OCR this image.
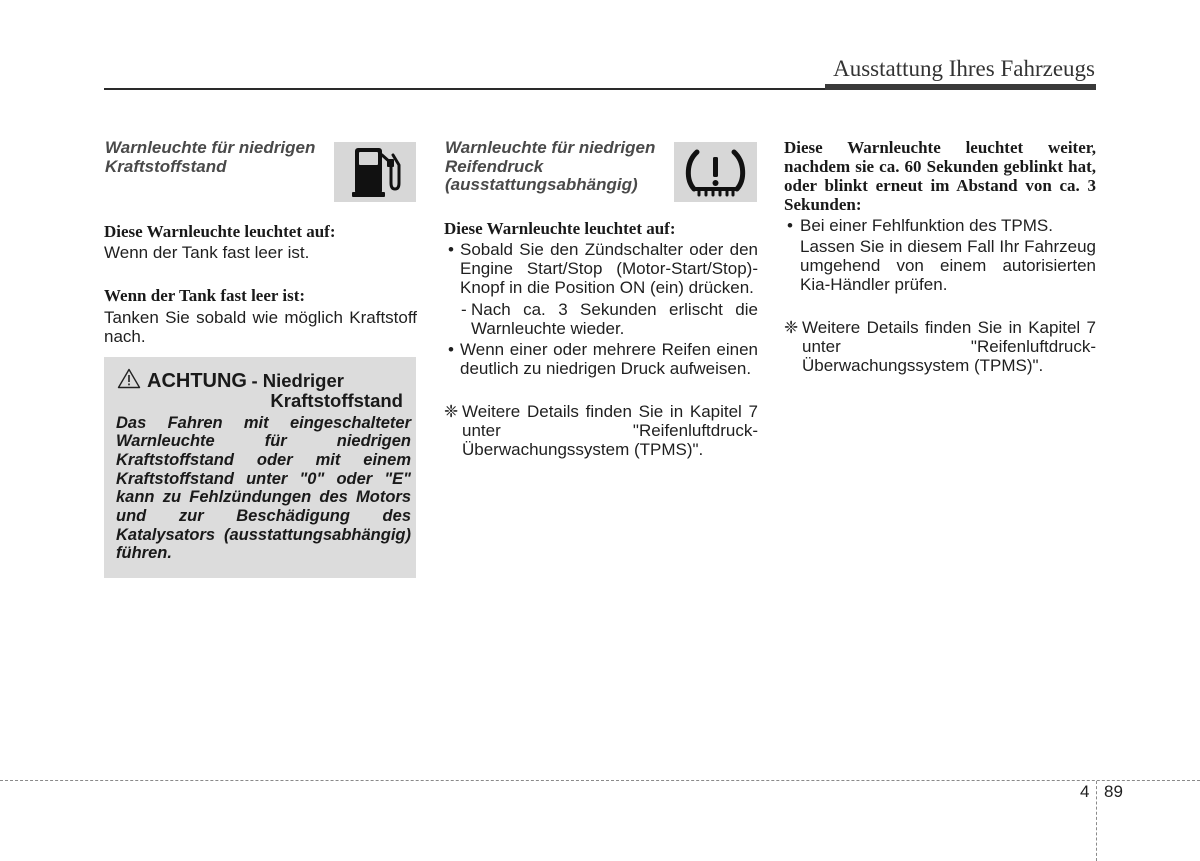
Ausstattung Ihres Fahrzeugs
Warnleuchte für niedrigen Kraftstoffstand
Diese Warnleuchte leuchtet auf:
Wenn der Tank fast leer ist.
Wenn der Tank fast leer ist:
Tanken Sie sobald wie möglich Kraftstoff nach.
ACHTUNG - Niedriger
Kraftstoffstand
Das Fahren mit eingeschalteter Warnleuchte für niedrigen Kraftstoffstand oder mit einem Kraftstoffstand unter "0" oder "E" kann zu Fehlzündungen des Motors und zur Beschädigung des Katalysators (ausstattungsabhängig) führen.
Warnleuchte für niedrigen Reifendruck (ausstattungsabhängig)
Diese Warnleuchte leuchtet auf:
• Sobald Sie den Zündschalter oder den Engine Start/Stop (Motor-Start/Stop)-Knopf in die Position ON (ein) drücken.
- Nach ca. 3 Sekunden erlischt die Warnleuchte wieder.
• Wenn einer oder mehrere Reifen einen deutlich zu niedrigen Druck aufweisen.
❈ Weitere Details finden Sie in Kapitel 7 unter "Reifenluftdruck-Überwachungssystem (TPMS)".
Diese Warnleuchte leuchtet weiter, nachdem sie ca. 60 Sekunden geblinkt hat, oder blinkt erneut im Abstand von ca. 3 Sekunden:
• Bei einer Fehlfunktion des TPMS.
Lassen Sie in diesem Fall Ihr Fahrzeug umgehend von einem autorisierten Kia-Händler prüfen.
❈ Weitere Details finden Sie in Kapitel 7 unter "Reifenluftdruck-Überwachungssystem (TPMS)".
4 89
